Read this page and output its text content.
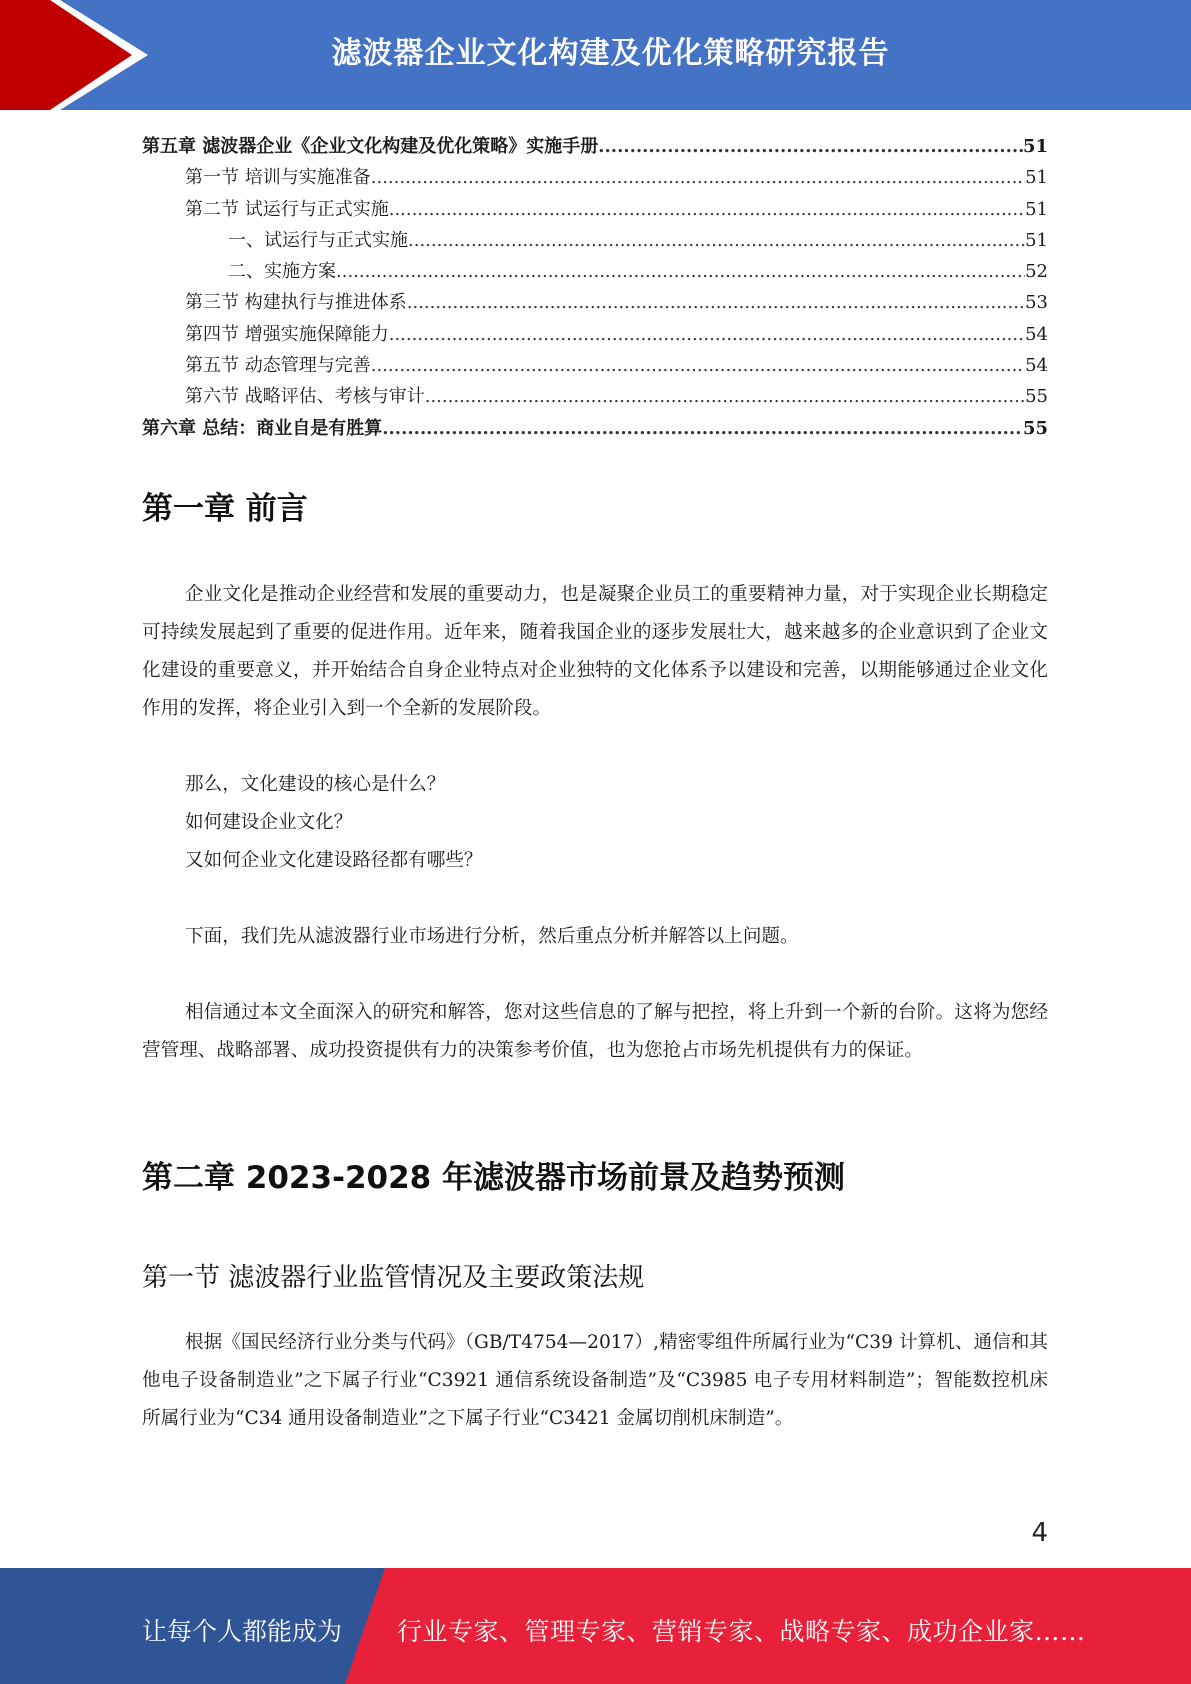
滤波器企业文化构建及优化策略研究报告
第五章 滤波器企业《企业文化构建及优化策略》实施手册 .....	51
第一节 培训与实施准备 .....	51
第二节 试运行与正式实施 .....	51
一、试运行与正式实施 .....	51
二、实施方案 .....	52
第三节 构建执行与推进体系 .....	53
第四节 增强实施保障能力 .....	54
第五节 动态管理与完善 .....	54
第六节 战略评估、考核与审计 .....	55
第六章 总结：商业自是有胜算 .....	55
第一章 前言

企业文化是推动企业经营和发展的重要动力，也是凝聚企业员工的重要精神力量，对于实现企业长期稳定可持续发展起到了重要的促进作用。近年来，随着我国企业的逐步发展壮大，越来越多的企业意识到了企业文化建设的重要意义，并开始结合自身企业特点对企业独特的文化体系予以建设和完善，以期能够通过企业文化作用的发挥，将企业引入到一个全新的发展阶段。

那么，文化建设的核心是什么？

如何建设企业文化？

又如何企业文化建设路径都有哪些？

下面，我们先从滤波器行业市场进行分析，然后重点分析并解答以上问题。

相信通过本文全面深入的研究和解答，您对这些信息的了解与把控，将上升到一个新的台阶。这将为您经营管理、战略部署、成功投资提供有力的决策参考价值，也为您抢占市场先机提供有力的保证。

第二章 2023-2028 年滤波器市场前景及趋势预测
第一节 滤波器行业监管情况及主要政策法规

根据《国民经济行业分类与代码》（GB/T4754—2017）,精密零组件所属行业为“C39 计算机、通信和其他电子设备制造业”之下属子行业“C3921 通信系统设备制造”及“C3985 电子专用材料制造”；智能数控机床所属行业为“C34 通用设备制造业”之下属子行业“C3421 金属切削机床制造”。

4
让每个人都能成为 行业专家、管理专家、营销专家、战略专家、成功企业家……
